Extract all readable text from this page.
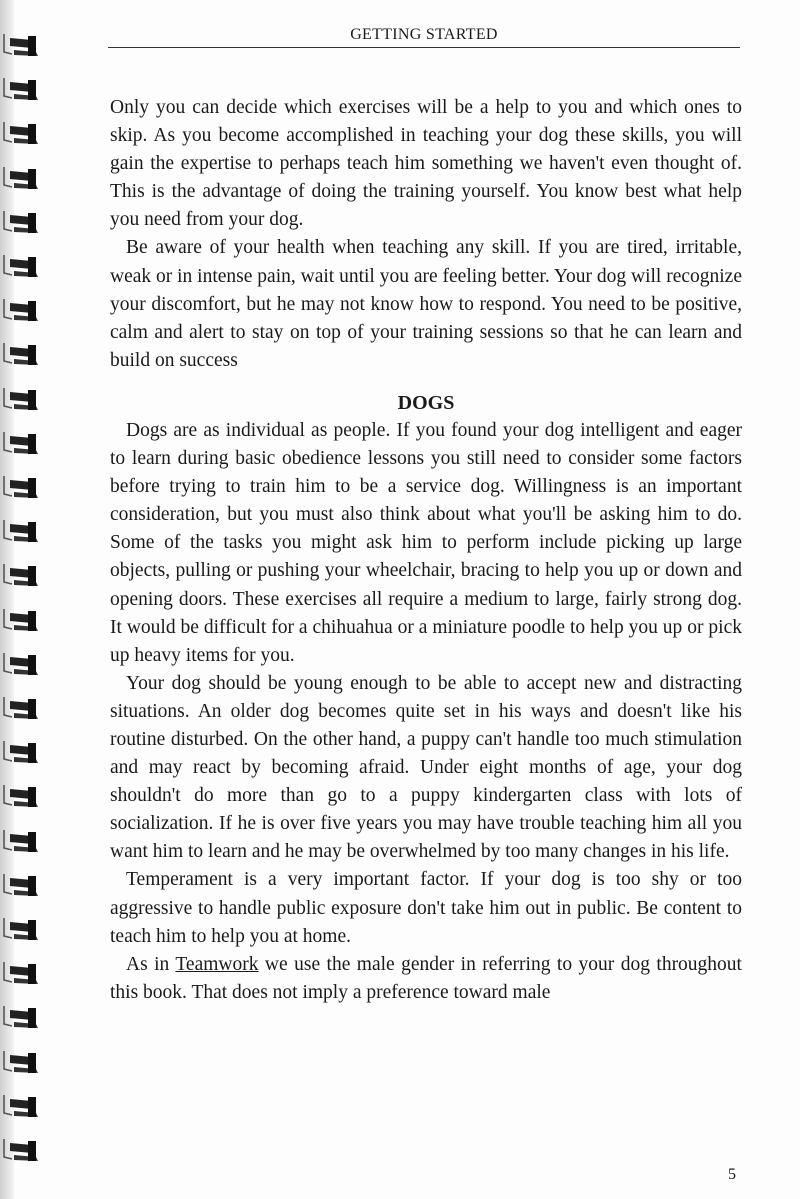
GETTING STARTED

Only you can decide which exercises will be a help to you and which ones to skip. As you become accomplished in teaching your dog these skills, you will gain the expertise to perhaps teach him something we haven't even thought of. This is the advantage of doing the training yourself. You know best what help you need from your dog.

Be aware of your health when teaching any skill. If you are tired, irritable, weak or in intense pain, wait until you are feeling better. Your dog will recognize your discomfort, but he may not know how to respond. You need to be positive, calm and alert to stay on top of your training sessions so that he can learn and build on success

DOGS

Dogs are as individual as people. If you found your dog intelligent and eager to learn during basic obedience lessons you still need to consider some factors before trying to train him to be a service dog. Willingness is an important consideration, but you must also think about what you'll be asking him to do. Some of the tasks you might ask him to perform include picking up large objects, pulling or pushing your wheelchair, bracing to help you up or down and opening doors. These exercises all require a medium to large, fairly strong dog. It would be difficult for a chihuahua or a miniature poodle to help you up or pick up heavy items for you.

Your dog should be young enough to be able to accept new and distracting situations. An older dog becomes quite set in his ways and doesn't like his routine disturbed. On the other hand, a puppy can't handle too much stimulation and may react by becoming afraid. Under eight months of age, your dog shouldn't do more than go to a puppy kindergarten class with lots of socialization. If he is over five years you may have trouble teaching him all you want him to learn and he may be overwhelmed by too many changes in his life.

Temperament is a very important factor. If your dog is too shy or too aggressive to handle public exposure don't take him out in public. Be content to teach him to help you at home.

As in Teamwork we use the male gender in referring to your dog throughout this book. That does not imply a preference toward male

5
